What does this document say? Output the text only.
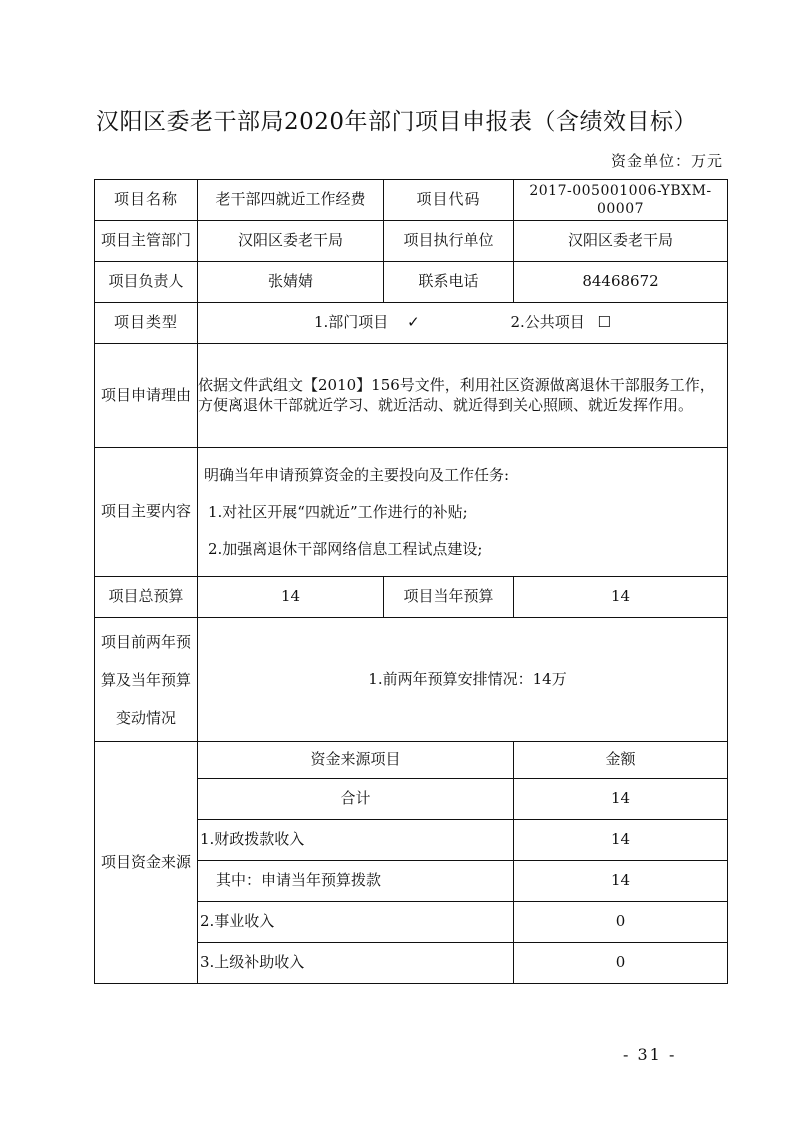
汉阳区委老干部局2020年部门项目申报表（含绩效目标）
资金单位：万元
项目名称	老干部四就近工作经费	项目代码	2017-005001006-YBXM-00007
项目主管部门	汉阳区委老干局	项目执行单位	汉阳区委老干局
项目负责人	张婧婧	联系电话	84468672
项目类型	1.部门项目 ✓ 2.公共项目 ☐		
项目申请理由	依据文件武组文【2010】156号文件，利用社区资源做离退休干部服务工作，方便离退休干部就近学习、就近活动、就近得到关心照顾、就近发挥作用。		
项目主要内容	明确当年申请预算资金的主要投向及工作任务:
1.对社区开展“四就近”工作进行的补贴;
2.加强离退休干部网络信息工程试点建设;		

项目总预算	14	项目当年预算	14
项目前两年预算及当年预算变动情况	1.前两年预算安排情况：14万		
项目资金来源	资金来源项目		金额
	合计		14
	1.财政拨款收入		14
	其中：申请当年预算拨款		14
	2.事业收入		0
	3.上级补助收入		0
- 31 -
